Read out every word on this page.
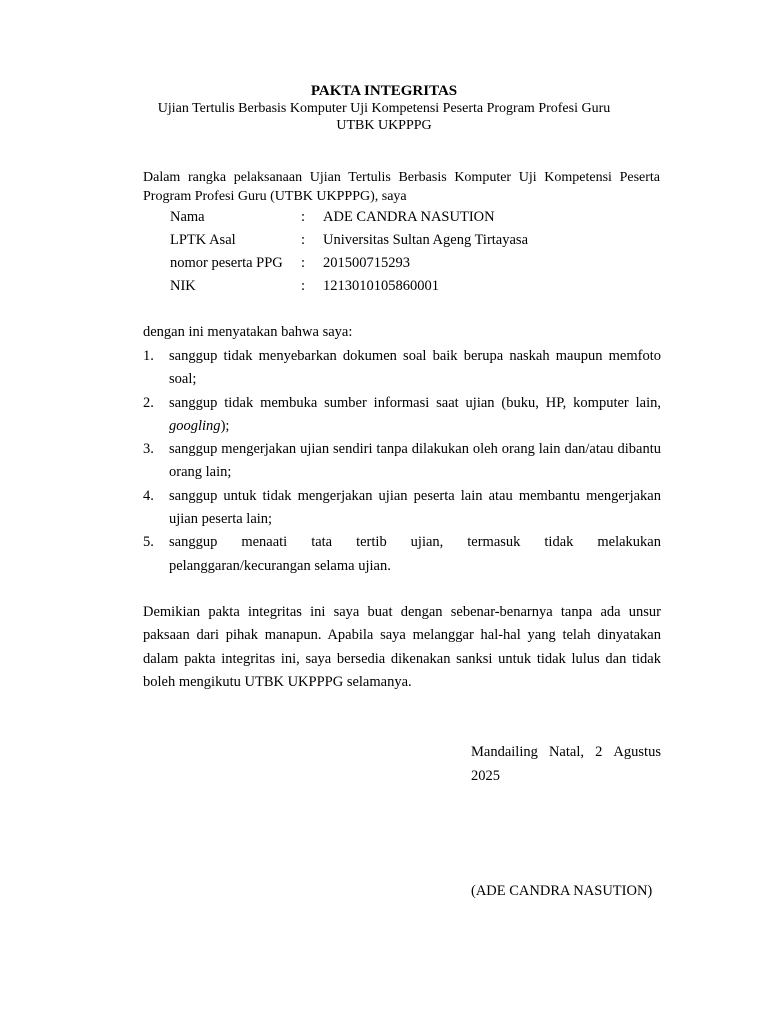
PAKTA INTEGRITAS
Ujian Tertulis Berbasis Komputer Uji Kompetensi Peserta Program Profesi Guru
UTBK UKPPPG
Dalam rangka pelaksanaan Ujian Tertulis Berbasis Komputer Uji Kompetensi Peserta Program Profesi Guru (UTBK UKPPPG), saya
Nama	: ADE CANDRA NASUTION
LPTK Asal	: Universitas Sultan Ageng Tirtayasa
nomor peserta PPG : 201500715293
NIK	: 1213010105860001
dengan ini menyatakan bahwa saya:
1. sanggup tidak menyebarkan dokumen soal baik berupa naskah maupun memfoto soal;
2. sanggup tidak membuka sumber informasi saat ujian (buku, HP, komputer lain, googling);
3. sanggup mengerjakan ujian sendiri tanpa dilakukan oleh orang lain dan/atau dibantu orang lain;
4. sanggup untuk tidak mengerjakan ujian peserta lain atau membantu mengerjakan ujian peserta lain;
5. sanggup menaati tata tertib ujian, termasuk tidak melakukan
pelanggaran/kecurangan selama ujian.
Demikian pakta integritas ini saya buat dengan sebenar-benarnya tanpa ada unsur paksaan dari pihak manapun. Apabila saya melanggar hal-hal yang telah dinyatakan dalam pakta integritas ini, saya bersedia dikenakan sanksi untuk tidak lulus dan tidak boleh mengikutu UTBK UKPPPG selamanya.
Mandailing Natal, 2 Agustus
2025
(ADE CANDRA NASUTION)
